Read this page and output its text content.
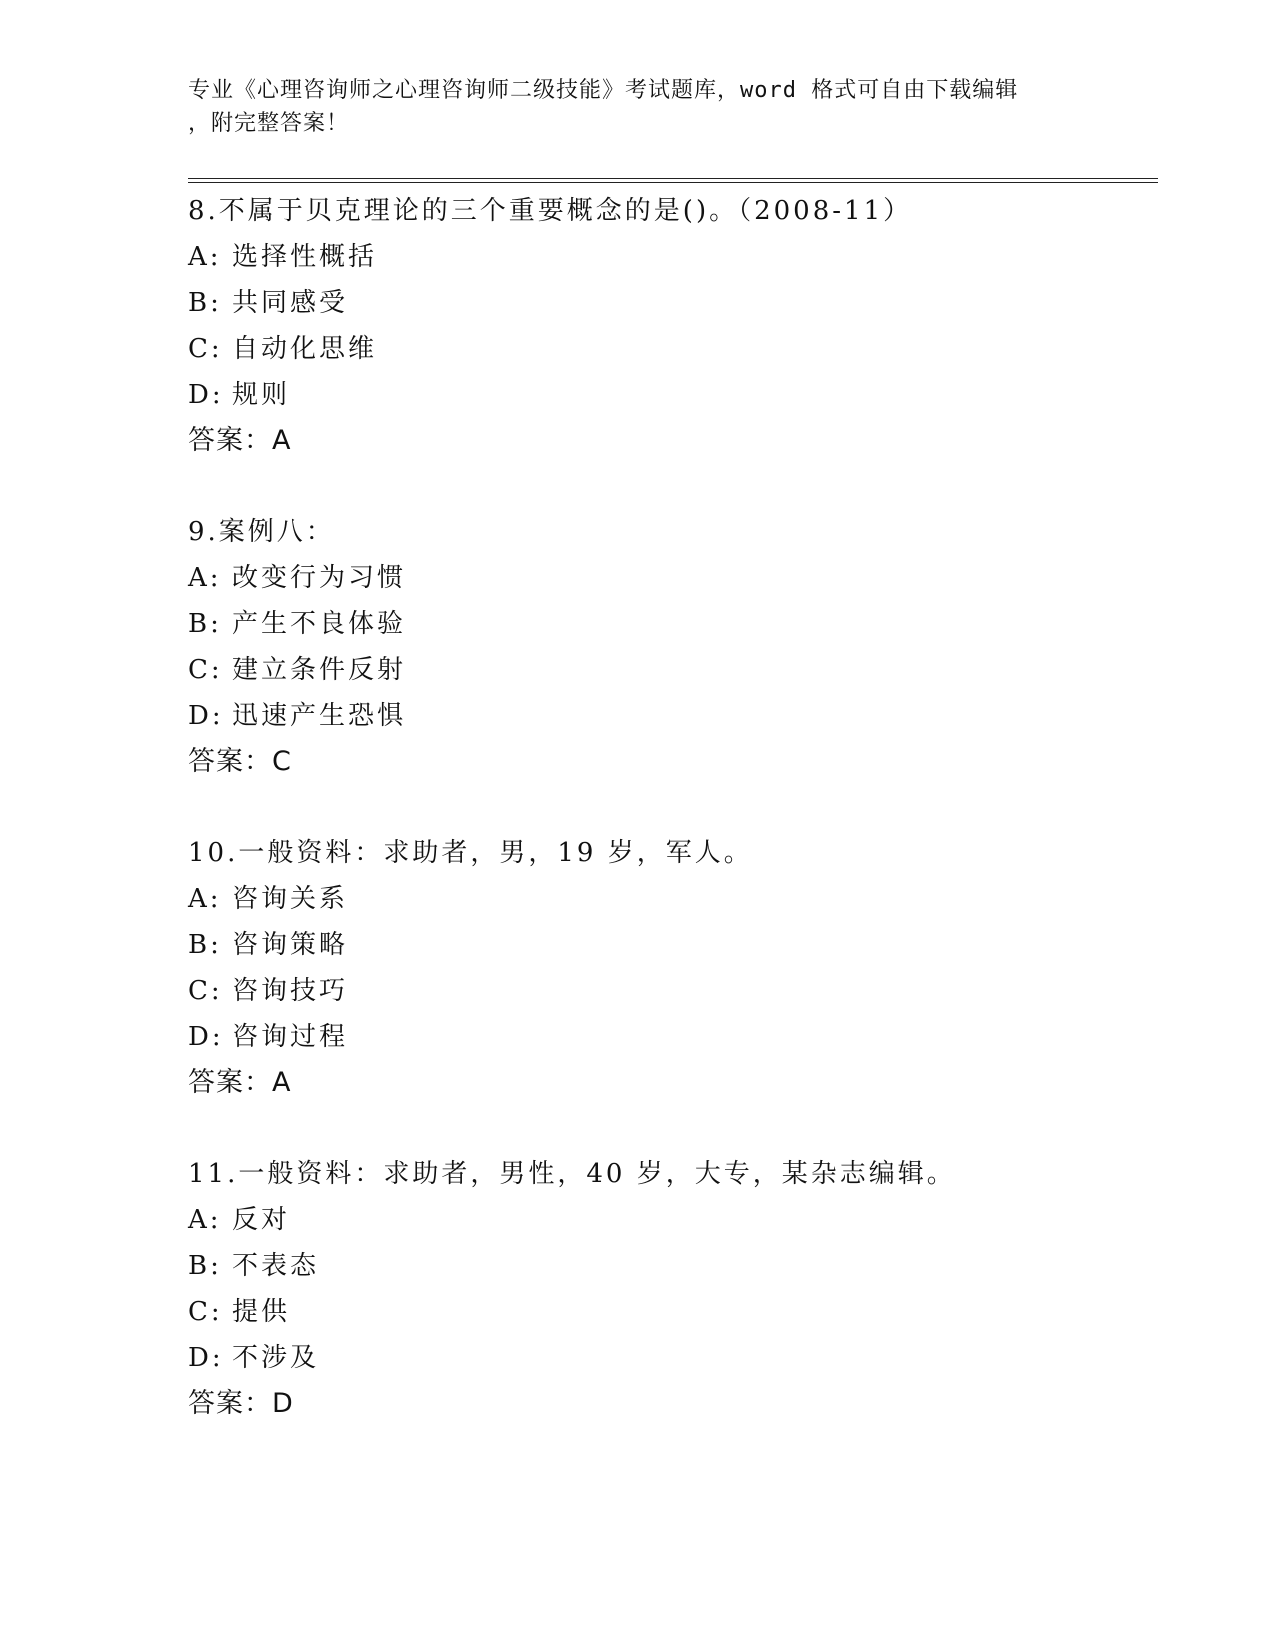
专业《心理咨询师之心理咨询师二级技能》考试题库，word 格式可自由下载编辑
，附完整答案！
8.不属于贝克理论的三个重要概念的是()。（2008-11）
A: 选择性概括
B: 共同感受
C: 自动化思维
D: 规则
答案：A
9.案例八：
A: 改变行为习惯
B: 产生不良体验
C: 建立条件反射
D: 迅速产生恐惧
答案：C
10.一般资料：求助者，男，19 岁，军人。
A: 咨询关系
B: 咨询策略
C: 咨询技巧
D: 咨询过程
答案：A
11.一般资料：求助者，男性，40 岁，大专，某杂志编辑。
A: 反对
B: 不表态
C: 提供
D: 不涉及
答案：D
